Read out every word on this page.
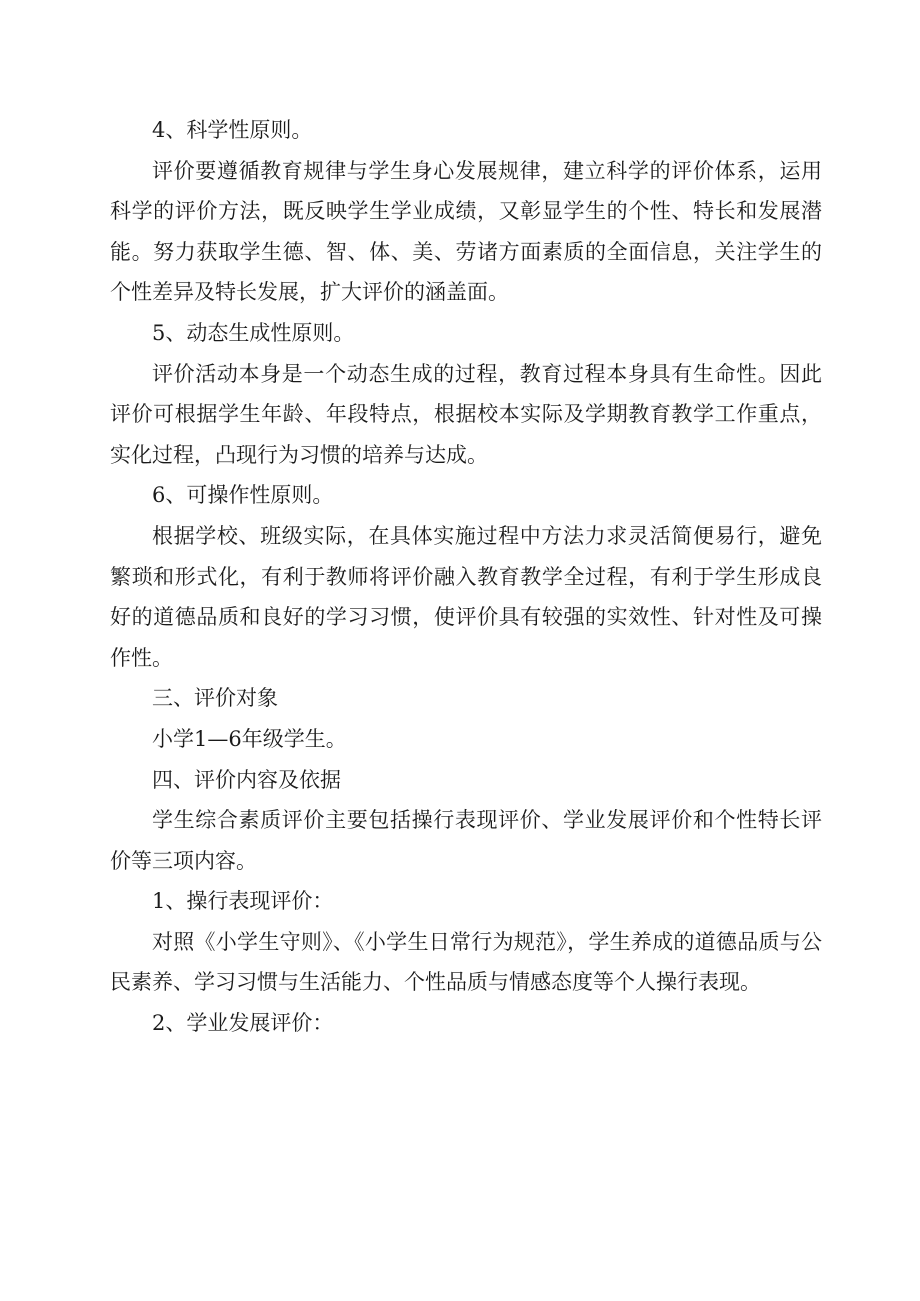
4、科学性原则。

评价要遵循教育规律与学生身心发展规律，建立科学的评价体系，运用科学的评价方法，既反映学生学业成绩，又彰显学生的个性、特长和发展潜能。努力获取学生德、智、体、美、劳诸方面素质的全面信息，关注学生的个性差异及特长发展，扩大评价的涵盖面。

5、动态生成性原则。

评价活动本身是一个动态生成的过程，教育过程本身具有生命性。因此评价可根据学生年龄、年段特点，根据校本实际及学期教育教学工作重点，实化过程，凸现行为习惯的培养与达成。

6、可操作性原则。

根据学校、班级实际，在具体实施过程中方法力求灵活简便易行，避免繁琐和形式化，有利于教师将评价融入教育教学全过程，有利于学生形成良好的道德品质和良好的学习习惯，使评价具有较强的实效性、针对性及可操作性。

三、评价对象

小学1—6年级学生。

四、评价内容及依据

学生综合素质评价主要包括操行表现评价、学业发展评价和个性特长评价等三项内容。

1、操行表现评价：

对照《小学生守则》、《小学生日常行为规范》，学生养成的道德品质与公民素养、学习习惯与生活能力、个性品质与情感态度等个人操行表现。

2、学业发展评价：
